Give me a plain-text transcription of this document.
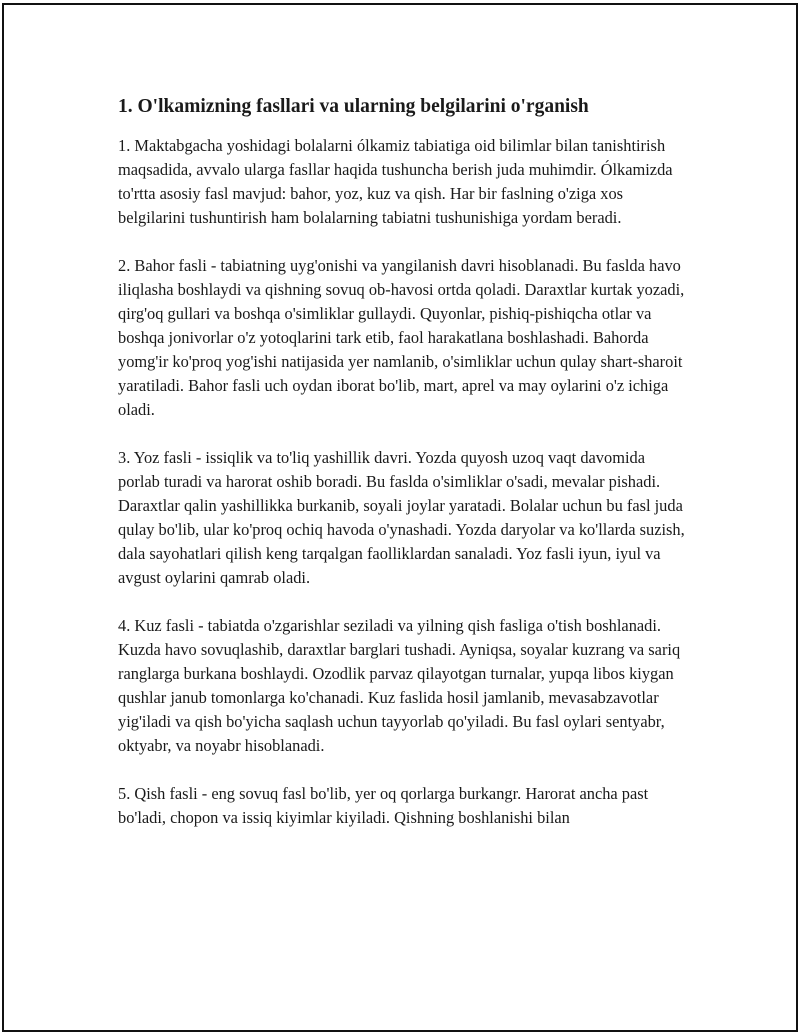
1. O'lkamizning fasllari va ularning belgilarini o'rganish

1. Maktabgacha yoshidagi bolalarni ólkamiz tabiatiga oid bilimlar bilan tanishtirish maqsadida, avvalo ularga fasllar haqida tushuncha berish juda muhimdir. Ólkamizda to'rtta asosiy fasl mavjud: bahor, yoz, kuz va qish. Har bir faslning o'ziga xos belgilarini tushuntirish ham bolalarning tabiatni tushunishiga yordam beradi.

2. Bahor fasli - tabiatning uyg'onishi va yangilanish davri hisoblanadi. Bu faslda havo iliqlasha boshlaydi va qishning sovuq ob-havosi ortda qoladi. Daraxtlar kurtak yozadi, qirg'oq gullari va boshqa o'simliklar gullaydi. Quyonlar, pishiq-pishiqcha otlar va boshqa jonivorlar o'z yotoqlarini tark etib, faol harakatlana boshlashadi. Bahorda yomg'ir ko'proq yog'ishi natijasida yer namlanib, o'simliklar uchun qulay shart-sharoit yaratiladi. Bahor fasli uch oydan iborat bo'lib, mart, aprel va may oylarini o'z ichiga oladi.

3. Yoz fasli - issiqlik va to'liq yashillik davri. Yozda quyosh uzoq vaqt davomida porlab turadi va harorat oshib boradi. Bu faslda o'simliklar o'sadi, mevalar pishadi. Daraxtlar qalin yashillikka burkanib, soyali joylar yaratadi. Bolalar uchun bu fasl juda qulay bo'lib, ular ko'proq ochiq havoda o'ynashadi. Yozda daryolar va ko'llarda suzish, dala sayohatlari qilish keng tarqalgan faolliklardan sanaladi. Yoz fasli iyun, iyul va avgust oylarini qamrab oladi.

4. Kuz fasli - tabiatda o'zgarishlar seziladi va yilning qish fasliga o'tish boshlanadi. Kuzda havo sovuqlashib, daraxtlar barglari tushadi. Ayniqsa, soyalar kuzrang va sariq ranglarga burkana boshlaydi. Ozodlik parvaz qilayotgan turnalar, yupqa libos kiygan qushlar janub tomonlarga ko'chanadi. Kuz faslida hosil jamlanib, mevasabzavotlar yig'iladi va qish bo'yicha saqlash uchun tayyorlab qo'yiladi. Bu fasl oylari sentyabr, oktyabr, va noyabr hisoblanadi.

5. Qish fasli - eng sovuq fasl bo'lib, yer oq qorlarga burkangr. Harorat ancha past bo'ladi, chopon va issiq kiyimlar kiyiladi. Qishning boshlanishi bilan
